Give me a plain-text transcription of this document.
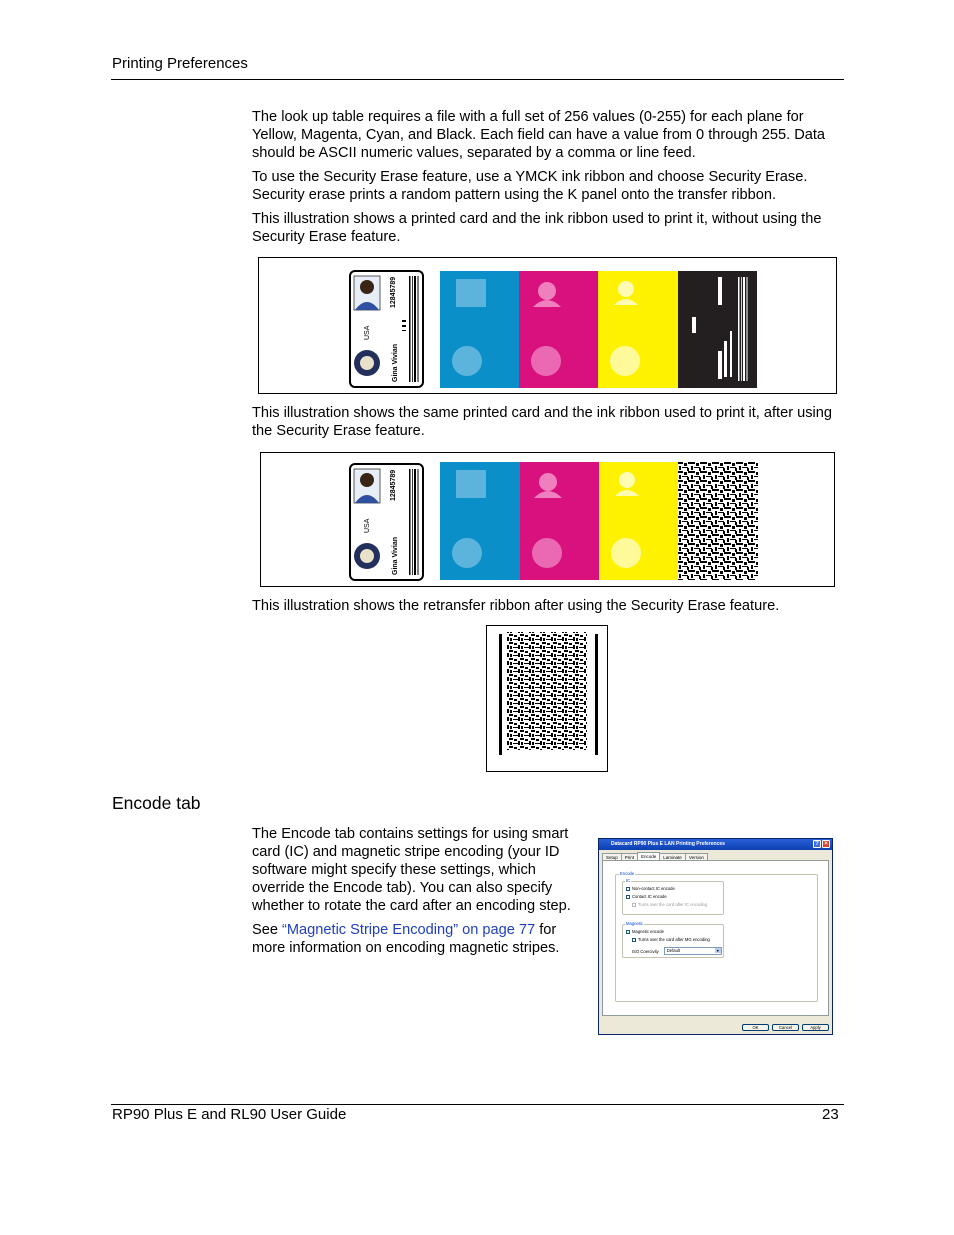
Printing Preferences

The look up table requires a file with a full set of 256 values (0-255) for each plane for Yellow, Magenta, Cyan, and Black. Each field can have a value from 0 through 255. Data should be ASCII numeric values, separated by a comma or line feed.

To use the Security Erase feature, use a YMCK ink ribbon and choose Security Erase. Security erase prints a random pattern using the K panel onto the transfer ribbon.

This illustration shows a printed card and the ink ribbon used to print it, without using the Security Erase feature.

USA
Gina Vivian
12845789

This illustration shows the same printed card and the ink ribbon used to print it, after using the Security Erase feature.

USA
Gina Vivian
12845789

This illustration shows the retransfer ribbon after using the Security Erase feature.

Encode tab

The Encode tab contains settings for using smart card (IC) and magnetic stripe encoding (your ID software might specify these settings, which override the Encode tab). You can also specify whether to rotate the card after an encoding step.

See “Magnetic Stripe Encoding” on page 77 for more information on encoding magnetic stripes.

Datacard RP90 Plus E LAN Printing Preferences	? ×
Setup	Print	Encode	Laminate	Version
Encode
IC
Non-contact IC encode
Contact IC encode
Turns over the card after IC encoding
Magnetic
✓ Magnetic encode
Turns over the card after MG encoding
ISO Coercivity Default	▾
OK	Cancel	Apply
RP90 Plus E and RL90 User Guide	23
